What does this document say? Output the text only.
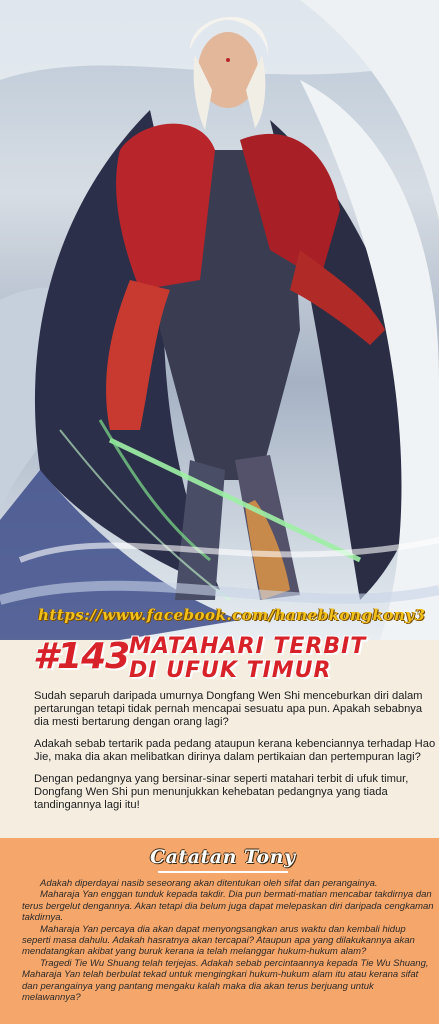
https://www.facebook.com/hanebkongkony3
#143 MATAHARI TERBIT
DI UFUK TIMUR

Sudah separuh daripada umurnya Dongfang Wen Shi menceburkan diri dalam pertarungan tetapi tidak pernah mencapai sesuatu apa pun. Apakah sebabnya dia mesti bertarung dengan orang lagi?

Adakah sebab tertarik pada pedang ataupun kerana kebenciannya terhadap Hao Jie, maka dia akan melibatkan dirinya dalam pertikaian dan pertempuran lagi?

Dengan pedangnya yang bersinar-sinar seperti matahari terbit di ufuk timur, Dongfang Wen Shi pun menunjukkan kehebatan pedangnya yang tiada tandingannya lagi itu!

Catatan Tony

Adakah diperdayai nasib seseorang akan ditentukan oleh sifat dan perangainya.

Maharaja Yan enggan tunduk kepada takdir. Dia pun bermati-matian mencabar takdirnya dan terus bergelut dengannya. Akan tetapi dia belum juga dapat melepaskan diri daripada cengkaman takdirnya.

Maharaja Yan percaya dia akan dapat menyongsangkan arus waktu dan kembali hidup seperti masa dahulu. Adakah hasratnya akan tercapai? Ataupun apa yang dilakukannya akan mendatangkan akibat yang buruk kerana ia telah melanggar hukum-hukum alam?

Tragedi Tie Wu Shuang telah terjejas. Adakah sebab percintaannya kepada Tie Wu Shuang, Maharaja Yan telah berbulat tekad untuk mengingkari hukum-hukum alam itu atau kerana sifat dan perangainya yang pantang mengaku kalah maka dia akan terus berjuang untuk melawannya?
